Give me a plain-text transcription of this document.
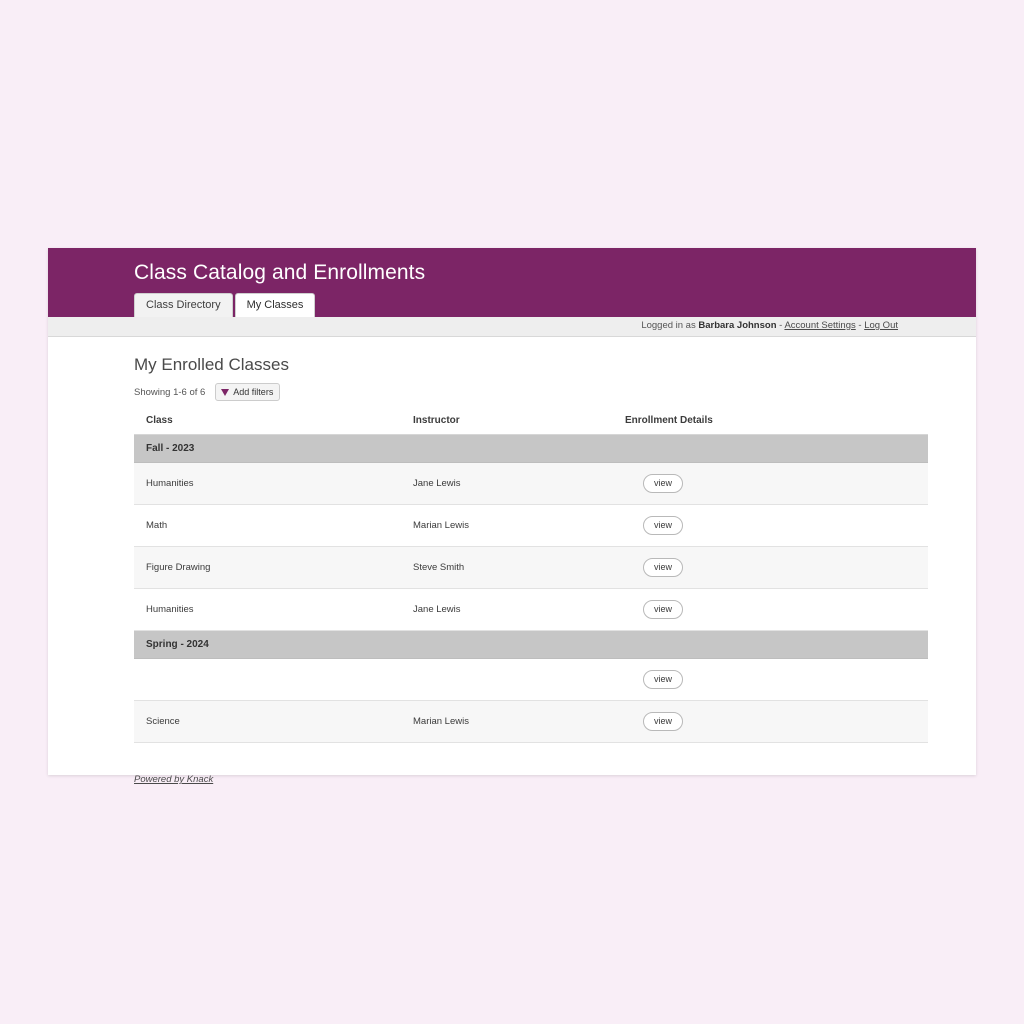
Class Catalog and Enrollments
Class Directory	My Classes
Logged in as Barbara Johnson - Account Settings - Log Out
My Enrolled Classes
Showing 1-6 of 6	Add filters
Class	Instructor	Enrollment Details
Fall - 2023		
Humanities	Jane Lewis	view
Math	Marian Lewis	view
Figure Drawing	Steve Smith	view
Humanities	Jane Lewis	view
Spring - 2024		
		view
Science	Marian Lewis	view
Powered by Knack
